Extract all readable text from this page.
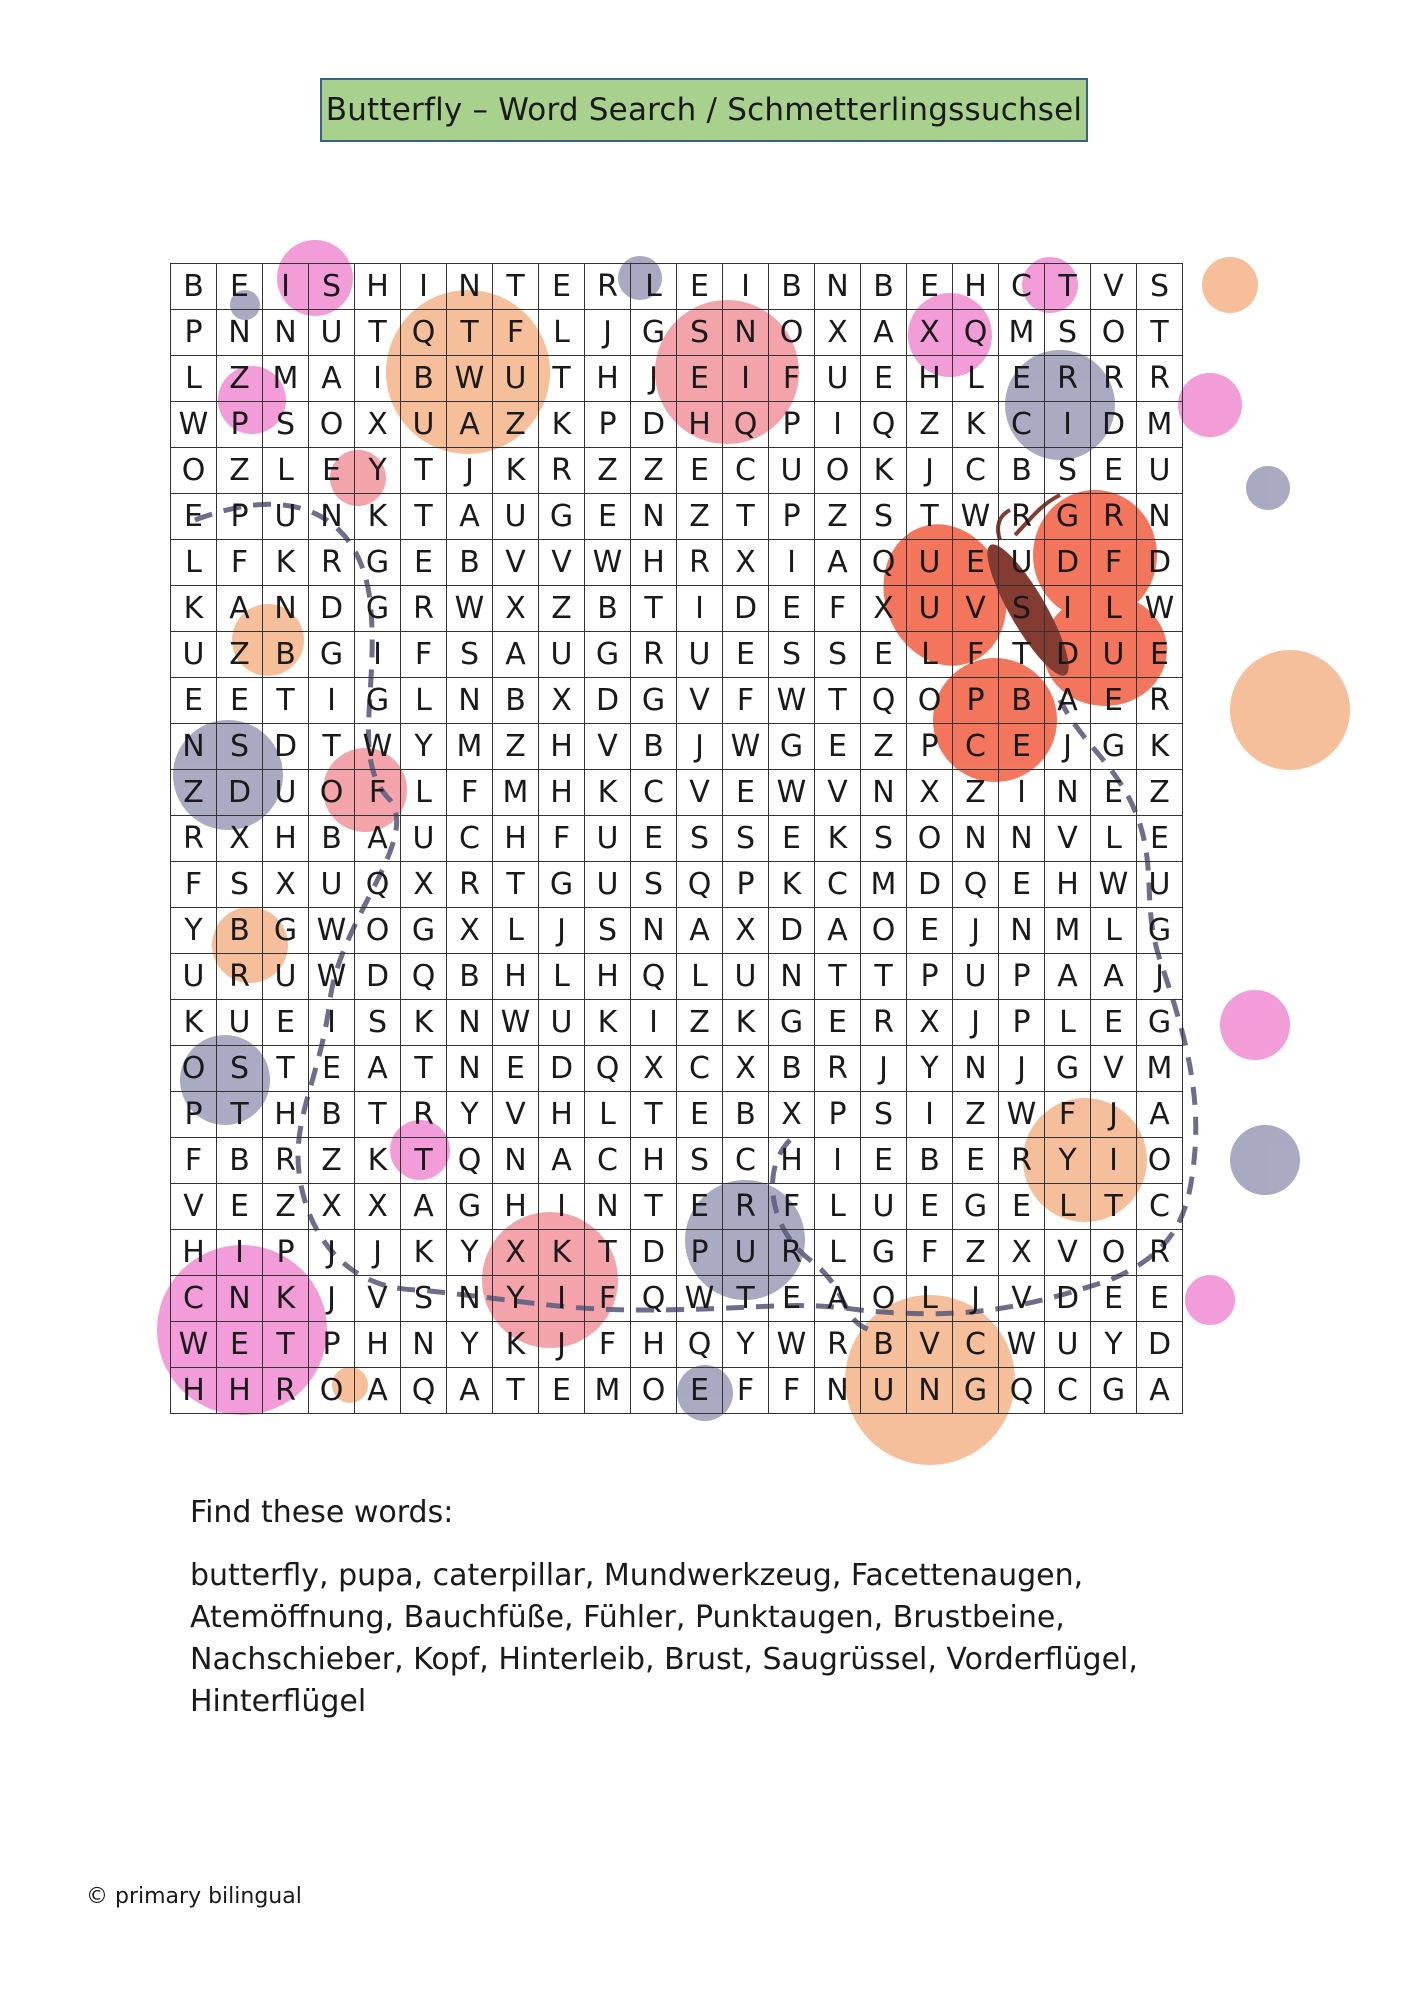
Butterfly – Word Search / Schmetterlingssuchsel
B E	I	S H	I	N T E R L E	I	B N B E H C T V S
P N N U T Q T F L	J G S N O X A X Q M S O T
L Z M A	I	B W U T H	J	E	I	F U E H L E R R R
W P S O X U A Z K P D H Q P	I Q Z K C	I	D M
O Z L E Y T	J	K R Z Z E C U O K	J	C B S E U
E P U N K T A U G E N Z T P Z S T W R G R N
L F K R G E B V V W H R X	I	A Q U E U D F D
K A N D G R W X Z B T	I	D E F X U V S	I	L W
U Z B G I	F S A U G R U E S S E L F T D U E
E E T	I G L N B X D G V F W T Q O P B A E R
N S D T W Y M Z H V B	J W G E Z P C E	J G K
Z D U O F L F M H K C V E W V N X Z	I	N E Z
R X H B A U C H F U E S S E K S O N N V L E
F S X U Q X R T G U S Q P K C M D Q E H W U
Y B G W O G X L	J	S N A X D A O E	J	N M L G
U R U W D Q B H L H Q L U N T T P U P A A	J
K U E	I	S K N W U K	I	Z K G E R X	J	P L E G
O S T E A T N E D Q X C X B R	J	Y N	J G V M
P T H B T R Y V H L T E B X P S	I	Z W F	J	A
F B R Z K T Q N A C H S C H	I	E B E R Y	I O
V E Z X X A G H	I	N T E R F L U E G E L T C
H	I	P	J	J	K Y X K T D P U R L G F Z X V O R
C N K	J	V S N Y	I	F Q W T E A O L	J	V D E E
W E T P H N Y K	J	F H Q Y W R B V C W U Y D
H H R O A Q A T E M O E F F N U N G Q C G A
Find these words:
butterfly, pupa, caterpillar, Mundwerkzeug, Facettenaugen, Atemöffnung, Bauchfüße, Fühler, Punktaugen, Brustbeine, Nachschieber, Kopf, Hinterleib, Brust, Saugrüssel, Vorderflügel, Hinterflügel
© primary bilingual
